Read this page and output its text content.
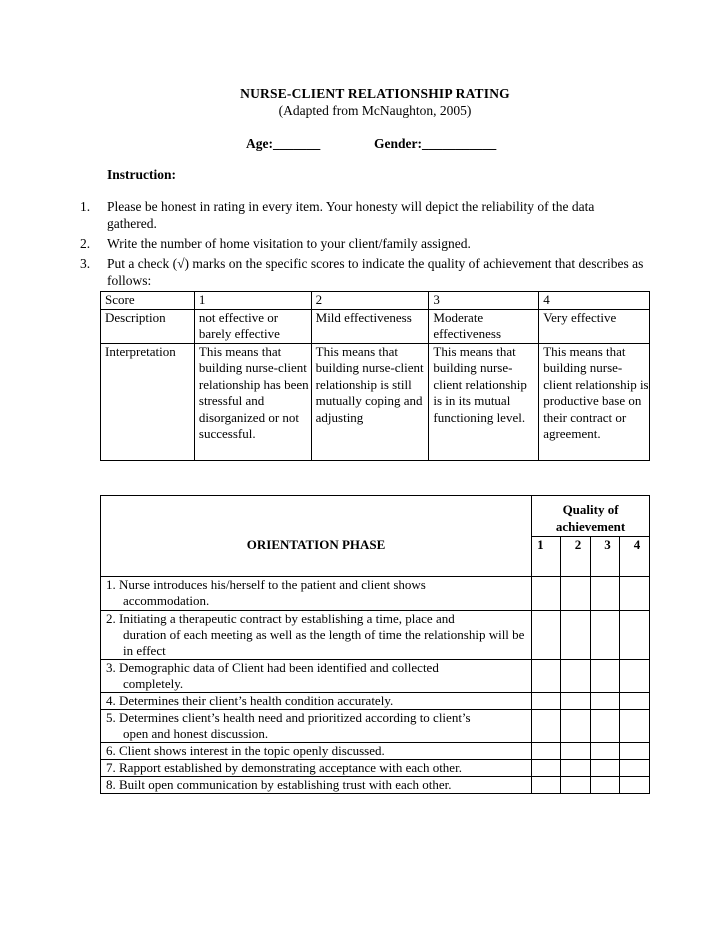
NURSE-CLIENT RELATIONSHIP RATING
(Adapted from McNaughton, 2005)
Age:_______	Gender:___________
Instruction:
1.	Please be honest in rating in every item. Your honesty will depict the reliability of the data gathered.
2.	Write the number of home visitation to your client/family assigned.
3.	Put a check (√) marks on the specific scores to indicate the quality of achievement that describes as follows:
Score	1	2	3	4
Description	not effective or barely effective	Mild effectiveness	Moderate effectiveness	Very effective
Interpretation	This means that building nurse-client relationship has been stressful and disorganized or not successful.	This means that building nurse-client relationship is still mutually coping and adjusting	This means that building nurse-client relationship is in its mutual functioning level.	This means that building nurse-client relationship is productive base on their contract or agreement.
ORIENTATION PHASE	Quality of achievement			
	1	2	3	4
1. Nurse introduces his/herself to the patient and client shows
accommodation.				

2. Initiating a therapeutic contract by establishing a time, place and
duration of each meeting as well as the length of time the relationship will be in effect				

3. Demographic data of Client had been identified and collected
completely.				

4. Determines their client’s health condition accurately.				
5. Determines client’s health need and prioritized according to client’s
open and honest discussion.				

6. Client shows interest in the topic openly discussed.				
7. Rapport established by demonstrating acceptance with each other.				
8. Built open communication by establishing trust with each other.				
